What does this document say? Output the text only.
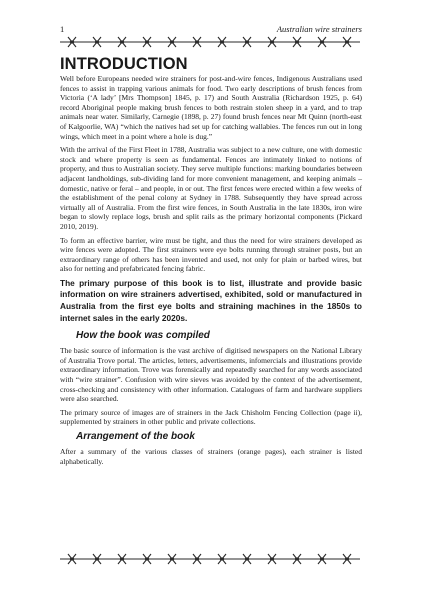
1	Australian wire strainers
INTRODUCTION

Well before Europeans needed wire strainers for post-and-wire fences, Indigenous Australians used fences to assist in trapping various animals for food. Two early descriptions of brush fences from Victoria (‘A lady’ [Mrs Thompson] 1845, p. 17) and South Australia (Richardson 1925, p. 64) record Aboriginal people making brush fences to both restrain stolen sheep in a yard, and to trap animals near water. Similarly, Carnegie (1898, p. 27) found brush fences near Mt Quinn (north-east of Kalgoorlie, WA) “which the natives had set up for catching wallabies. The fences run out in long wings, which meet in a point where a hole is dug.”

With the arrival of the First Fleet in 1788, Australia was subject to a new culture, one with domestic stock and where property is seen as fundamental. Fences are intimately linked to notions of property, and thus to Australian society. They serve multiple functions: marking boundaries between adjacent landholdings, sub-dividing land for more convenient management, and keeping animals – domestic, native or feral – and people, in or out. The first fences were erected within a few weeks of the establishment of the penal colony at Sydney in 1788. Subsequently they have spread across virtually all of Australia. From the first wire fences, in South Australia in the late 1830s, iron wire began to slowly replace logs, brush and split rails as the primary horizontal components (Pickard 2010, 2019).

To form an effective barrier, wire must be tight, and thus the need for wire strainers developed as wire fences were adopted. The first strainers were eye bolts running through strainer posts, but an extraordinary range of others has been invented and used, not only for plain or barbed wires, but also for netting and prefabricated fencing fabric.

The primary purpose of this book is to list, illustrate and provide basic information on wire strainers advertised, exhibited, sold or manufactured in Australia from the first eye bolts and straining machines in the 1850s to internet sales in the early 2020s.

How the book was compiled

The basic source of information is the vast archive of digitised newspapers on the National Library of Australia Trove portal. The articles, letters, advertisements, infomercials and illustrations provide extraordinary information. Trove was forensically and repeatedly searched for any words associated with “wire strainer”. Confusion with wire sieves was avoided by the context of the advertisement, cross-checking and consistency with other information. Catalogues of farm and hardware suppliers were also searched.

The primary source of images are of strainers in the Jack Chisholm Fencing Collection (page ii), supplemented by strainers in other public and private collections.

Arrangement of the book

After a summary of the various classes of strainers (orange pages), each strainer is listed alphabetically.
